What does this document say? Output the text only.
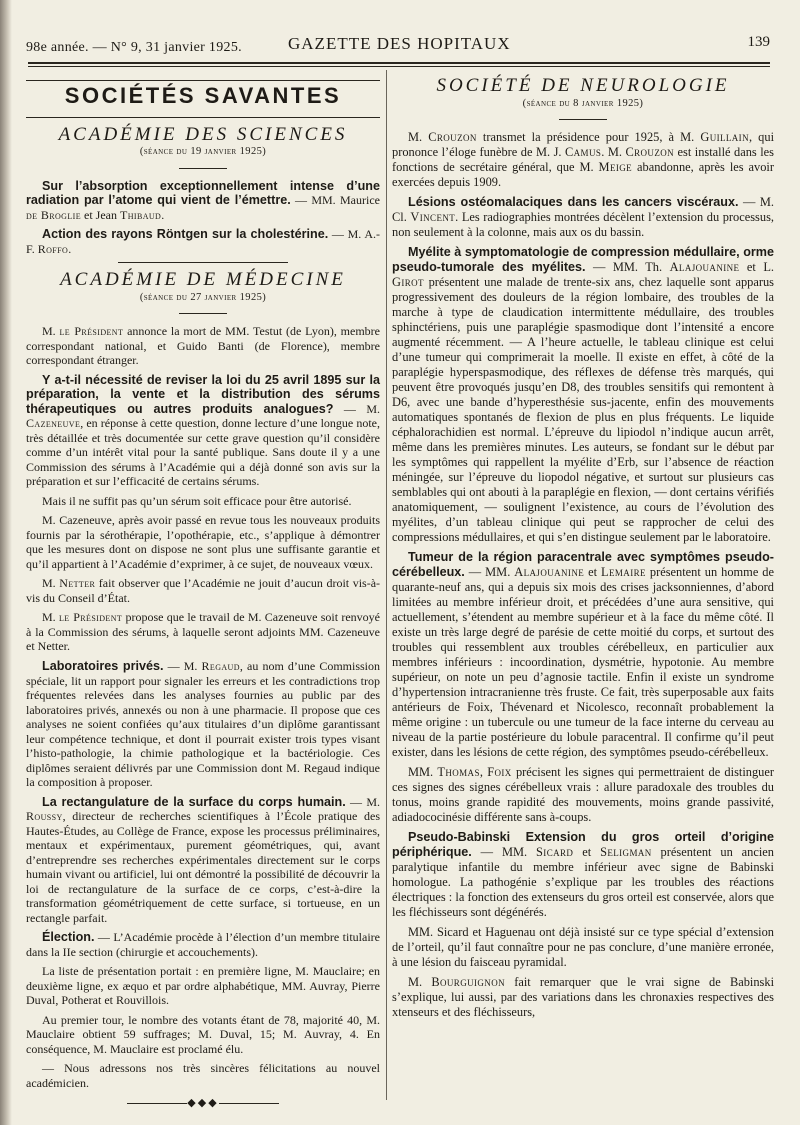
98e année. — N° 9, 31 janvier 1925.	GAZETTE DES HOPITAUX	139
SOCIÉTÉS SAVANTES
ACADÉMIE DES SCIENCES
(séance du 19 janvier 1925)

Sur l’absorption exceptionnellement intense d’une radiation par l’atome qui vient de l’émettre. — MM. Maurice de Broglie et Jean Thibaud.

Action des rayons Röntgen sur la cholestérine. — M. A.-F. Roffo.

ACADÉMIE DE MÉDECINE
(séance du 27 janvier 1925)

M. le Président annonce la mort de MM. Testut (de Lyon), membre correspondant national, et Guido Banti (de Florence), membre correspondant étranger.

Y a-t-il nécessité de reviser la loi du 25 avril 1895 sur la préparation, la vente et la distribution des sérums thérapeutiques ou autres produits analogues? — M. Cazeneuve, en réponse à cette question, donne lecture d’une longue note, très détaillée et très documentée sur cette grave question qu’il considère comme d’un intérêt vital pour la santé publique. Sans doute il y a une Commission des sérums à l’Académie qui a déjà donné son avis sur la préparation et sur l’efficacité de certains sérums.

Mais il ne suffit pas qu’un sérum soit efficace pour être autorisé.

M. Cazeneuve, après avoir passé en revue tous les nouveaux produits fournis par la sérothérapie, l’opothérapie, etc., s’applique à démontrer que les mesures dont on dispose ne sont plus une suffisante garantie et qu’il appartient à l’Académie d’exprimer, à ce sujet, de nouveaux vœux.

M. Netter fait observer que l’Académie ne jouit d’aucun droit vis-à-vis du Conseil d’État.

M. le Président propose que le travail de M. Cazeneuve soit renvoyé à la Commission des sérums, à laquelle seront adjoints MM. Cazeneuve et Netter.

Laboratoires privés. — M. Regaud, au nom d’une Commission spéciale, lit un rapport pour signaler les erreurs et les contradictions trop fréquentes relevées dans les analyses fournies au public par des laboratoires privés, annexés ou non à une pharmacie. Il propose que ces analyses ne soient confiées qu’aux titulaires d’un diplôme garantissant leur compétence technique, et dont il pourrait exister trois types visant l’histo-pathologie, la chimie pathologique et la bactériologie. Ces diplômes seraient délivrés par une Commission dont M. Regaud indique la composition à proposer.

La rectangulature de la surface du corps humain. — M. Roussy, directeur de recherches scientifiques à l’École pratique des Hautes-Études, au Collège de France, expose les processus préliminaires, mentaux et expérimentaux, purement géométriques, qui, avant d’entreprendre ses recherches expérimentales directement sur le corps humain vivant ou artificiel, lui ont démontré la possibilité de découvrir la loi de rectangulature de la surface de ce corps, c’est-à-dire la transformation géométriquement de cette surface, si tortueuse, en un rectangle parfait.

Élection. — L’Académie procède à l’élection d’un membre titulaire dans la IIe section (chirurgie et accouchements).

La liste de présentation portait : en première ligne, M. Mauclaire; en deuxième ligne, ex æquo et par ordre alphabétique, MM. Auvray, Pierre Duval, Potherat et Rouvillois.

Au premier tour, le nombre des votants étant de 78, majorité 40, M. Mauclaire obtient 59 suffrages; M. Duval, 15; M. Auvray, 4. En conséquence, M. Mauclaire est proclamé élu.

— Nous adressons nos très sincères félicitations au nouvel académicien.

◆◆◆
SOCIÉTÉ DE NEUROLOGIE
(séance du 8 janvier 1925)

M. Crouzon transmet la présidence pour 1925, à M. Guillain, qui prononce l’éloge funèbre de M. J. Camus. M. Crouzon est installé dans les fonctions de secrétaire général, que M. Meige abandonne, après les avoir exercées depuis 1909.

Lésions ostéomalaciques dans les cancers viscéraux. — M. Cl. Vincent. Les radiographies montrées décèlent l’extension du processus, non seulement à la colonne, mais aux os du bassin.

Myélite à symptomatologie de compression médullaire, orme pseudo-tumorale des myélites. — MM. Th. Alajouanine et L. Girot présentent une malade de trente-six ans, chez laquelle sont apparus progressivement des douleurs de la région lombaire, des troubles de la marche à type de claudication intermittente médullaire, des troubles sphinctériens, puis une paraplégie spasmodique dont l’intensité a encore augmenté récemment. — A l’heure actuelle, le tableau clinique est celui d’une tumeur qui comprimerait la moelle. Il existe en effet, à côté de la paraplégie hyperspasmodique, des réflexes de défense très marqués, qui peuvent être provoqués jusqu’en D8, des troubles sensitifs qui remontent à D6, avec une bande d’hyperesthésie sus-jacente, enfin des mouvements automatiques spontanés de flexion de plus en plus fréquents. Le liquide céphalorachidien est normal. L’épreuve du lipiodol n’indique aucun arrêt, même dans les premières minutes. Les auteurs, se fondant sur le début par les symptômes qui rappellent la myélite d’Erb, sur l’absence de réaction méningée, sur l’épreuve du liopodol négative, et surtout sur plusieurs cas semblables qui ont abouti à la paraplégie en flexion, — dont certains vérifiés anatomiquement, — soulignent l’existence, au cours de l’évolution des myélites, d’un tableau clinique qui peut se rapprocher de celui des compressions médullaires, et qui s’en distingue seulement par le laboratoire.

Tumeur de la région paracentrale avec symptômes pseudo-cérébelleux. — MM. Alajouanine et Lemaire présentent un homme de quarante-neuf ans, qui a depuis six mois des crises jacksonniennes, d’abord limitées au membre inférieur droit, et précédées d’une aura sensitive, qui actuellement, s’étendent au membre supérieur et à la face du même côté. Il existe un très large degré de parésie de cette moitié du corps, et surtout des troubles qui ressemblent aux troubles cérébelleux, en particulier aux membres inférieurs : incoordination, dysmétrie, hypotonie. Au membre supérieur, on note un peu d’agnosie tactile. Enfin il existe un syndrome d’hypertension intracranienne très fruste. Ce fait, très superposable aux faits antérieurs de Foix, Thévenard et Nicolesco, reconnaît probablement la même origine : un tubercule ou une tumeur de la face interne du cerveau au niveau de la partie postérieure du lobule paracentral. Il confirme qu’il peut exister, dans les lésions de cette région, des symptômes pseudo-cérébelleux.

MM. Thomas, Foix précisent les signes qui permettraient de distinguer ces signes des signes cérébelleux vrais : allure paradoxale des troubles du tonus, moins grande rapidité des mouvements, moins grande passivité, adiadococinésie différente sans à-coups.

Pseudo-Babinski Extension du gros orteil d’origine périphérique. — MM. Sicard et Seligman présentent un ancien paralytique infantile du membre inférieur avec signe de Babinski homologue. La pathogénie s’explique par les troubles des réactions électriques : la fonction des extenseurs du gros orteil est conservée, alors que les fléchisseurs sont dégénérés.

MM. Sicard et Haguenau ont déjà insisté sur ce type spécial d’extension de l’orteil, qu’il faut connaître pour ne pas conclure, d’une manière erronée, à une lésion du faisceau pyramidal.

M. Bourguignon fait remarquer que le vrai signe de Babinski s’explique, lui aussi, par des variations dans les chronaxies respectives des xtenseurs et des fléchisseurs,
